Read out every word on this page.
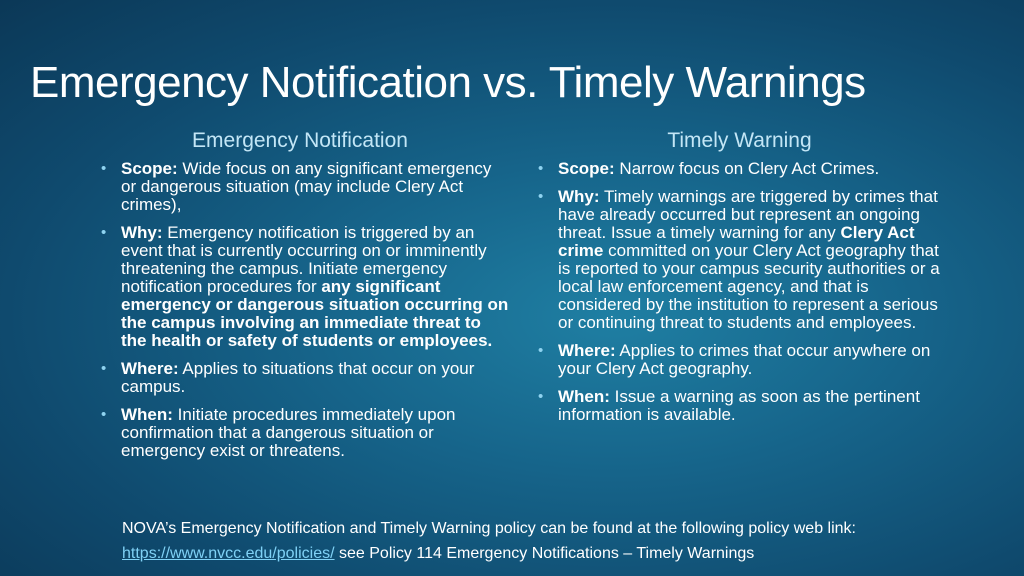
Emergency Notification vs. Timely Warnings
Emergency Notification
• Scope: Wide focus on any significant emergency or dangerous situation (may include Clery Act crimes),
• Why: Emergency notification is triggered by an event that is currently occurring on or imminently threatening the campus. Initiate emergency notification procedures for any significant emergency or dangerous situation occurring on the campus involving an immediate threat to the health or safety of students or employees.
• Where: Applies to situations that occur on your campus.
• When: Initiate procedures immediately upon confirmation that a dangerous situation or emergency exist or threatens.
Timely Warning
• Scope: Narrow focus on Clery Act Crimes.
• Why: Timely warnings are triggered by crimes that have already occurred but represent an ongoing threat. Issue a timely warning for any Clery Act crime committed on your Clery Act geography that is reported to your campus security authorities or a local law enforcement agency, and that is considered by the institution to represent a serious or continuing threat to students and employees.
• Where: Applies to crimes that occur anywhere on your Clery Act geography.
• When: Issue a warning as soon as the pertinent information is available.
NOVA’s Emergency Notification and Timely Warning policy can be found at the following policy web link: https://www.nvcc.edu/policies/ see Policy 114 Emergency Notifications – Timely Warnings
